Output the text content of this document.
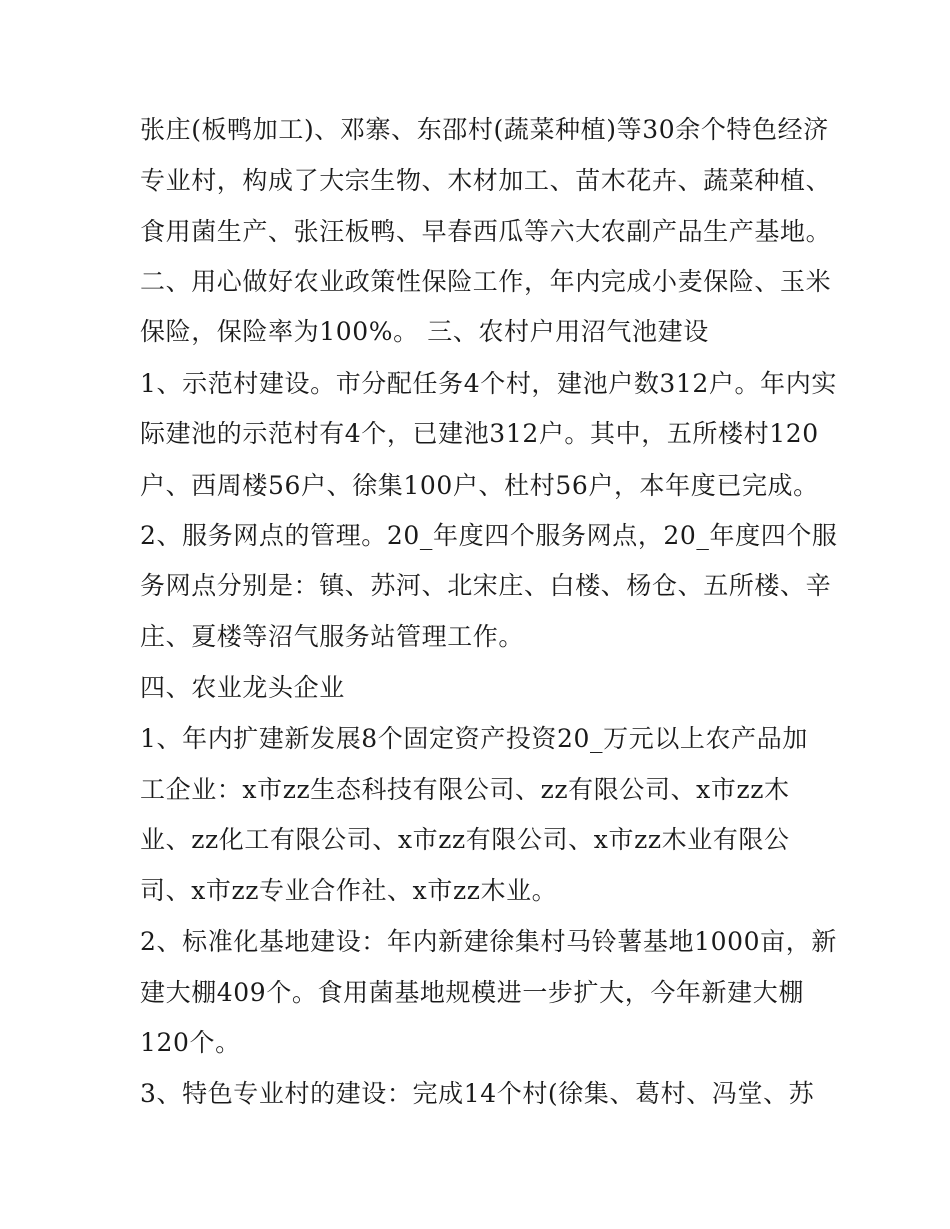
张庄(板鸭加工)、邓寨、东邵村(蔬菜种植)等30余个特色经济
专业村，构成了大宗生物、木材加工、苗木花卉、蔬菜种植、
食用菌生产、张汪板鸭、早春西瓜等六大农副产品生产基地。
二、用心做好农业政策性保险工作，年内完成小麦保险、玉米
保险，保险率为100%。 三、农村户用沼气池建设
1、示范村建设。市分配任务4个村，建池户数312户。年内实
际建池的示范村有4个，已建池312户。其中，五所楼村120
户、西周楼56户、徐集100户、杜村56户，本年度已完成。
2、服务网点的管理。20_年度四个服务网点，20_年度四个服
务网点分别是：镇、苏河、北宋庄、白楼、杨仓、五所楼、辛
庄、夏楼等沼气服务站管理工作。
四、农业龙头企业
1、年内扩建新发展8个固定资产投资20_万元以上农产品加
工企业：x市zz生态科技有限公司、zz有限公司、x市zz木
业、zz化工有限公司、x市zz有限公司、x市zz木业有限公
司、x市zz专业合作社、x市zz木业。
2、标准化基地建设：年内新建徐集村马铃薯基地1000亩，新
建大棚409个。食用菌基地规模进一步扩大，今年新建大棚
120个。
3、特色专业村的建设：完成14个村(徐集、葛村、冯堂、苏
